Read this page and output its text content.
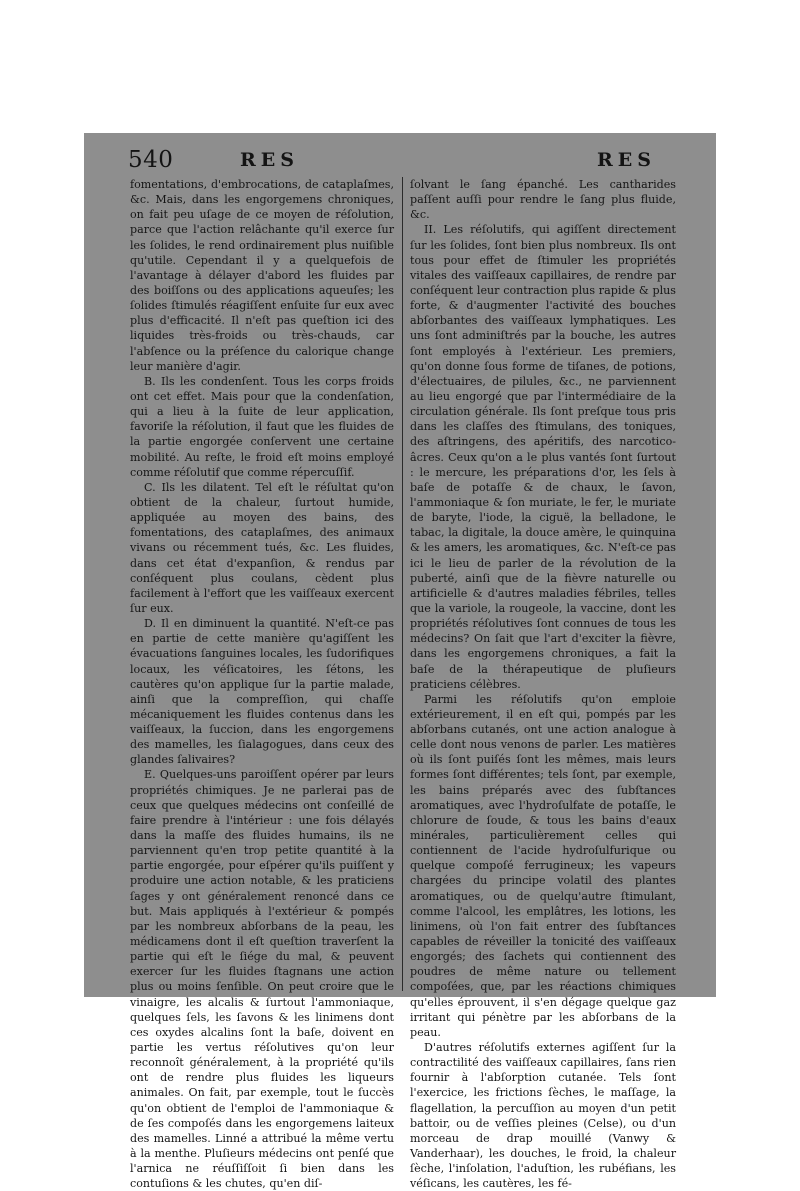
540	RES	RES

fomentations, d'embrocations, de cataplaſmes, &c. Mais, dans les engorgemens chroniques, on fait peu uſage de ce moyen de réſolution, parce que l'action relâchante qu'il exerce ſur les ſolides, le rend ordinairement plus nuiſible qu'utile. Cependant il y a quelquefois de l'avantage à délayer d'abord les fluides par des boiſſons ou des applications aqueuſes; les ſolides ſtimulés réagiſſent enſuite ſur eux avec plus d'efficacité. Il n'eſt pas queſtion ici des liquides très-froids ou très-chauds, car l'abſence ou la préſence du calorique change leur manière d'agir.

B. Ils les condenſent. Tous les corps froids ont cet effet. Mais pour que la condenſation, qui a lieu à la ſuite de leur application, favoriſe la réſolution, il faut que les fluides de la partie engorgée conſervent une certaine mobilité. Au reſte, le froid eſt moins employé comme réſolutif que comme répercuſſif.

C. Ils les dilatent. Tel eſt le réſultat qu'on obtient de la chaleur, ſurtout humide, appliquée au moyen des bains, des fomentations, des cataplaſmes, des animaux vivans ou récemment tués, &c. Les fluides, dans cet état d'expanſion, & rendus par conſéquent plus coulans, cèdent plus facilement à l'effort que les vaiſſeaux exercent ſur eux.

D. Il en diminuent la quantité. N'eſt-ce pas en partie de cette manière qu'agiſſent les évacuations ſanguines locales, les ſudorifiques locaux, les véſicatoires, les ſétons, les cautères qu'on applique ſur la partie malade, ainſi que la compreſſion, qui chaſſe mécaniquement les fluides contenus dans les vaiſſeaux, la ſuccion, dans les engorgemens des mamelles, les ſialagogues, dans ceux des glandes ſalivaires?

E. Quelques-uns paroiſſent opérer par leurs propriétés chimiques. Je ne parlerai pas de ceux que quelques médecins ont conſeillé de faire prendre à l'intérieur : une fois délayés dans la maſſe des fluides humains, ils ne parviennent qu'en trop petite quantité à la partie engorgée, pour eſpérer qu'ils puiſſent y produire une action notable, & les praticiens ſages y ont généralement renoncé dans ce but. Mais appliqués à l'extérieur & pompés par les nombreux abſorbans de la peau, les médicamens dont il eſt queſtion traverſent la partie qui eſt le ſiége du mal, & peuvent exercer ſur les fluides ſtagnans une action plus ou moins ſenſible. On peut croire que le vinaigre, les alcalis & ſurtout l'ammoniaque, quelques ſels, les ſavons & les linimens dont ces oxydes alcalins ſont la baſe, doivent en partie les vertus réſolutives qu'on leur reconnoît généralement, à la propriété qu'ils ont de rendre plus fluides les liqueurs animales. On fait, par exemple, tout le ſuccès qu'on obtient de l'emploi de l'ammoniaque & de ſes compoſés dans les engorgemens laiteux des mamelles. Linné a attribué la même vertu à la menthe. Pluſieurs médecins ont penſé que l'arnica ne réuſſiſſoit ſi bien dans les contuſions & les chutes, qu'en diſ-

ſolvant le ſang épanché. Les cantharides paſſent auſſi pour rendre le ſang plus fluide, &c.

II. Les réſolutifs, qui agiſſent directement ſur les ſolides, ſont bien plus nombreux. Ils ont tous pour effet de ſtimuler les propriétés vitales des vaiſſeaux capillaires, de rendre par conſéquent leur contraction plus rapide & plus forte, & d'augmenter l'activité des bouches abſorbantes des vaiſſeaux lymphatiques. Les uns ſont adminiſtrés par la bouche, les autres ſont employés à l'extérieur. Les premiers, qu'on donne ſous forme de tiſanes, de potions, d'électuaires, de pilules, &c., ne parviennent au lieu engorgé que par l'intermédiaire de la circulation générale. Ils ſont preſque tous pris dans les claſſes des ſtimulans, des toniques, des aſtringens, des apéritifs, des narcotico-âcres. Ceux qu'on a le plus vantés ſont ſurtout : le mercure, les préparations d'or, les ſels à baſe de potaſſe & de chaux, le ſavon, l'ammoniaque & ſon muriate, le fer, le muriate de baryte, l'iode, la ciguë, la belladone, le tabac, la digitale, la douce amère, le quinquina & les amers, les aromatiques, &c. N'eſt-ce pas ici le lieu de parler de la révolution de la puberté, ainſi que de la fièvre naturelle ou artificielle & d'autres maladies fébriles, telles que la variole, la rougeole, la vaccine, dont les propriétés réſolutives ſont connues de tous les médecins? On ſait que l'art d'exciter la fièvre, dans les engorgemens chroniques, a fait la baſe de la thérapeutique de pluſieurs praticiens célèbres.

Parmi les réſolutifs qu'on emploie extérieurement, il en eſt qui, pompés par les abſorbans cutanés, ont une action analogue à celle dont nous venons de parler. Les matières où ils ſont puiſés ſont les mêmes, mais leurs formes ſont différentes; tels ſont, par exemple, les bains préparés avec des ſubſtances aromatiques, avec l'hydroſulfate de potaſſe, le chlorure de ſoude, & tous les bains d'eaux minérales, particulièrement celles qui contiennent de l'acide hydroſulfurique ou quelque compoſé ferrugineux; les vapeurs chargées du principe volatil des plantes aromatiques, ou de quelqu'autre ſtimulant, comme l'alcool, les emplâtres, les lotions, les linimens, où l'on fait entrer des ſubſtances capables de réveiller la tonicité des vaiſſeaux engorgés; des ſachets qui contiennent des poudres de même nature ou tellement compoſées, que, par les réactions chimiques qu'elles éprouvent, il s'en dégage quelque gaz irritant qui pénètre par les abſorbans de la peau.

D'autres réſolutifs externes agiſſent ſur la contractilité des vaiſſeaux capillaires, ſans rien fournir à l'abſorption cutanée. Tels ſont l'exercice, les frictions ſèches, le maſſage, la flagellation, la percuſſion au moyen d'un petit battoir, ou de veſſies pleines (Celse), ou d'un morceau de drap mouillé (Vanwy & Vanderhaar), les douches, le froid, la chaleur ſèche, l'inſolation, l'aduſtion, les rubéfians, les véſicans, les cautères, les fé-
